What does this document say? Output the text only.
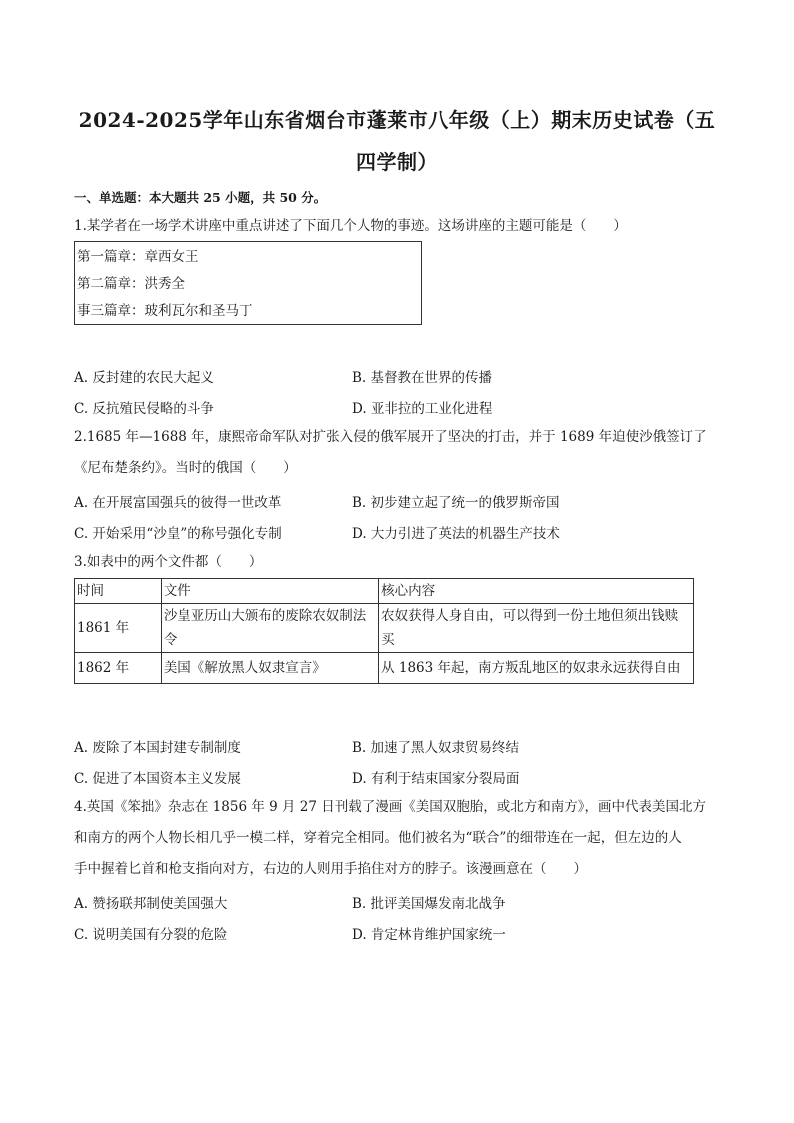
2024-2025学年山东省烟台市蓬莱市八年级（上）期末历史试卷（五
四学制）
一、单选题：本大题共 25 小题，共 50 分。
1.某学者在一场学术讲座中重点讲述了下面几个人物的事迹。这场讲座的主题可能是（　　）
第一篇章：章西女王
第二篇章：洪秀全
事三篇章：玻利瓦尔和圣马丁
A. 反封建的农民大起义	B. 基督教在世界的传播
C. 反抗殖民侵略的斗争	D. 亚非拉的工业化进程
2.1685 年—1688 年，康熙帝命军队对扩张入侵的俄军展开了坚决的打击，并于 1689 年迫使沙俄签订了
《尼布楚条约》。当时的俄国（　　）
A. 在开展富国强兵的彼得一世改革	B. 初步建立起了统一的俄罗斯帝国
C. 开始采用“沙皇”的称号强化专制	D. 大力引进了英法的机器生产技术
3.如表中的两个文件都（　　）
时间	文件	核心内容
1861 年	沙皇亚历山大颁布的废除农奴制法令	农奴获得人身自由，可以得到一份土地但须出钱赎买
1862 年	美国《解放黑人奴隶宣言》	从 1863 年起，南方叛乱地区的奴隶永远获得自由
A. 废除了本国封建专制制度	B. 加速了黑人奴隶贸易终结
C. 促进了本国资本主义发展	D. 有利于结束国家分裂局面
4.英国《笨拙》杂志在 1856 年 9 月 27 日刊载了漫画《美国双胞胎，或北方和南方》，画中代表美国北方
和南方的两个人物长相几乎一模二样，穿着完全相同。他们被名为“联合”的细带连在一起，但左边的人
手中握着匕首和枪支指向对方，右边的人则用手掐住对方的脖子。该漫画意在（　　）
A. 赞扬联邦制使美国强大	B. 批评美国爆发南北战争
C. 说明美国有分裂的危险	D. 肯定林肯维护国家统一
